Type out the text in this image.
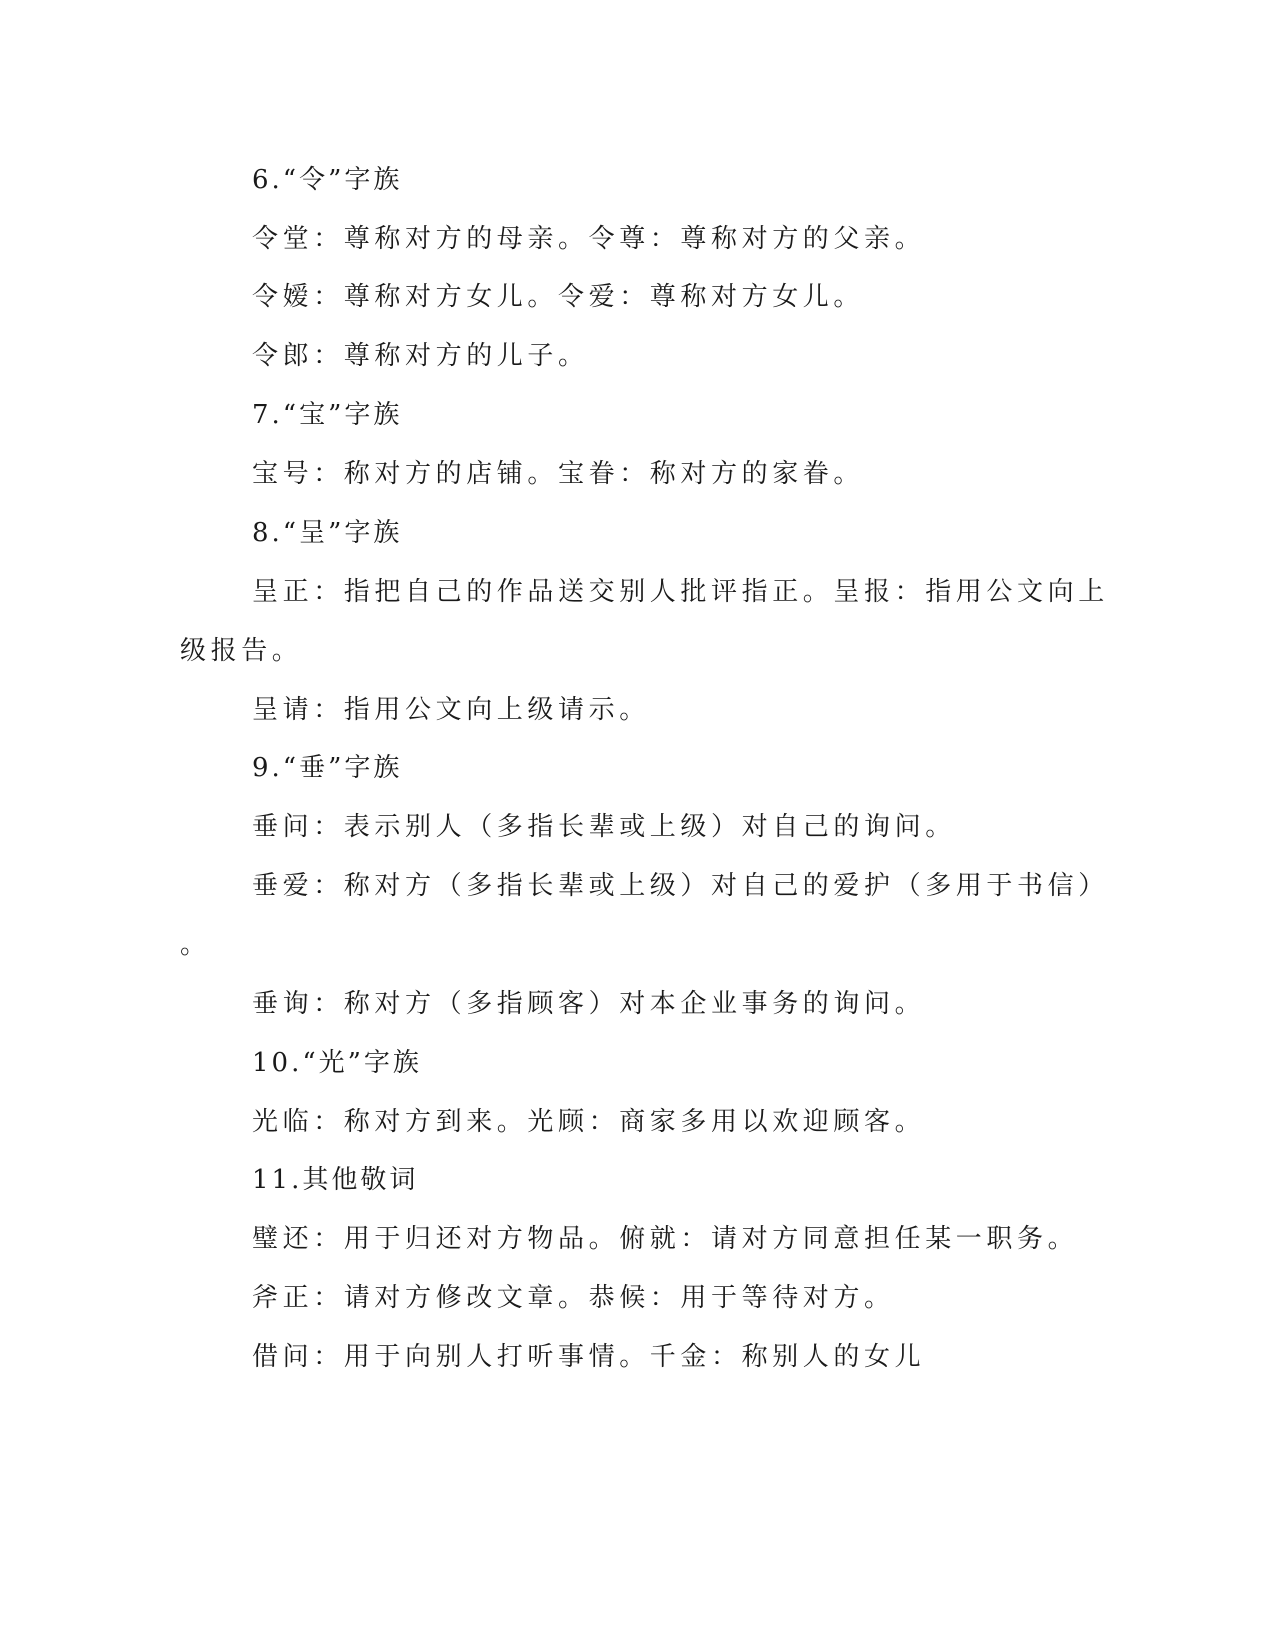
6.“令”字族
令堂：尊称对方的母亲。令尊：尊称对方的父亲。
令嫒：尊称对方女儿。令爱：尊称对方女儿。
令郎：尊称对方的儿子。
7.“宝”字族
宝号：称对方的店铺。宝眷：称对方的家眷。
8.“呈”字族
呈正：指把自己的作品送交别人批评指正。呈报：指用公文向上
级报告。
呈请：指用公文向上级请示。
9.“垂”字族
垂问：表示别人（多指长辈或上级）对自己的询问。
垂爱：称对方（多指长辈或上级）对自己的爱护（多用于书信）
。
垂询：称对方（多指顾客）对本企业事务的询问。
10.“光”字族
光临：称对方到来。光顾：商家多用以欢迎顾客。
11.其他敬词
璧还：用于归还对方物品。俯就：请对方同意担任某一职务。
斧正：请对方修改文章。恭候：用于等待对方。
借问：用于向别人打听事情。千金：称别人的女儿
